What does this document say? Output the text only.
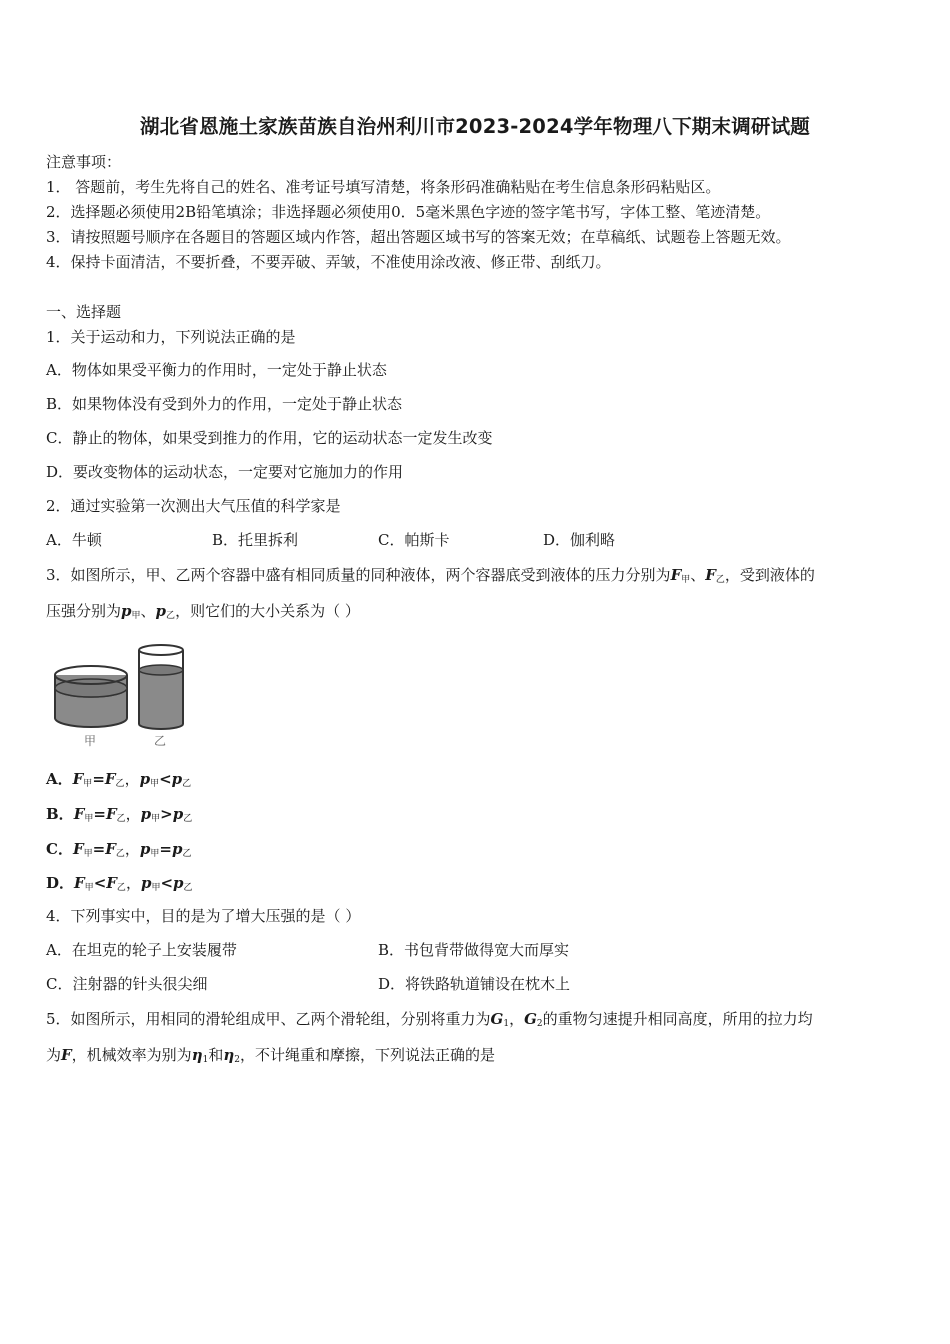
湖北省恩施土家族苗族自治州利川市2023-2024学年物理八下期末调研试题
注意事项：
1． 答题前，考生先将自己的姓名、准考证号填写清楚，将条形码准确粘贴在考生信息条形码粘贴区。
2．选择题必须使用2B铅笔填涂；非选择题必须使用0．5毫米黑色字迹的签字笔书写，字体工整、笔迹清楚。
3．请按照题号顺序在各题目的答题区域内作答，超出答题区域书写的答案无效；在草稿纸、试题卷上答题无效。
4．保持卡面清洁，不要折叠，不要弄破、弄皱，不准使用涂改液、修正带、刮纸刀。
一、选择题
1．关于运动和力，下列说法正确的是
A．物体如果受平衡力的作用时，一定处于静止状态
B．如果物体没有受到外力的作用，一定处于静止状态
C．静止的物体，如果受到推力的作用，它的运动状态一定发生改变
D．要改变物体的运动状态，一定要对它施加力的作用
2．通过实验第一次测出大气压值的科学家是
A．牛顿	B．托里拆利	C．帕斯卡	D．伽利略
3．如图所示，甲、乙两个容器中盛有相同质量的同种液体，两个容器底受到液体的压力分别为$F_甲$、$F_乙$，受到液体的
压强分别为$p_甲$、$p_乙$，则它们的大小关系为（ ）
甲	乙
A．$F_甲=F_乙$，$p_甲<p_乙$
B．$F_甲=F_乙$，$p_甲>p_乙$
C．$F_甲=F_乙$，$p_甲=p_乙$
D．$F_甲<F_乙$，$p_甲<p_乙$
4．下列事实中，目的是为了增大压强的是（ ）
A．在坦克的轮子上安装履带	B．书包背带做得宽大而厚实
C．注射器的针头很尖细	D．将铁路轨道铺设在枕木上
5．如图所示，用相同的滑轮组成甲、乙两个滑轮组，分别将重力为$G_1$，$G_2$的重物匀速提升相同高度，所用的拉力均
为F，机械效率为别为$\eta_1$和$\eta_2$，不计绳重和摩擦，下列说法正确的是
